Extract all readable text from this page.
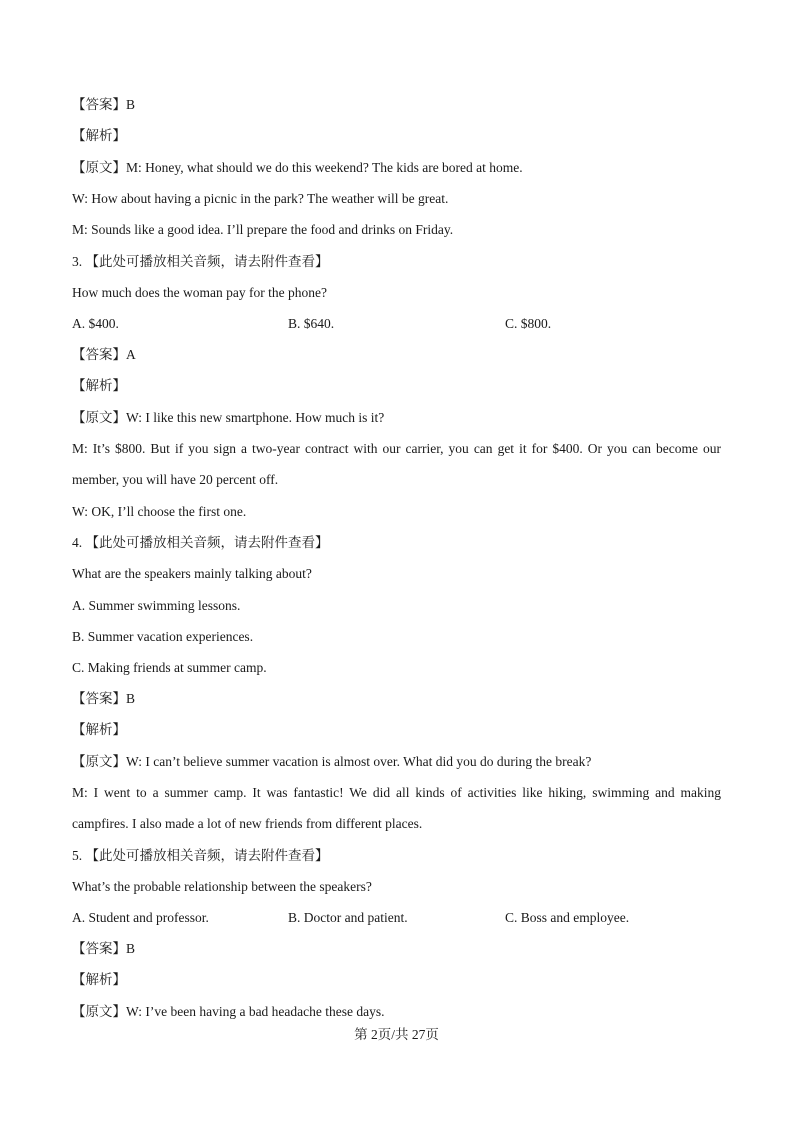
【答案】B
【解析】
【原文】M: Honey, what should we do this weekend? The kids are bored at home.
W: How about having a picnic in the park? The weather will be great.
M: Sounds like a good idea. I’ll prepare the food and drinks on Friday.
3. 【此处可播放相关音频，请去附件查看】
How much does the woman pay for the phone?
A. $400.	B. $640.	C. $800.
【答案】A
【解析】
【原文】W: I like this new smartphone. How much is it?
M: It’s $800. But if you sign a two-year contract with our carrier, you can get it for $400. Or you can become our
member, you will have 20 percent off.
W: OK, I’ll choose the first one.
4. 【此处可播放相关音频，请去附件查看】
What are the speakers mainly talking about?
A. Summer swimming lessons.
B. Summer vacation experiences.
C. Making friends at summer camp.
【答案】B
【解析】
【原文】W: I can’t believe summer vacation is almost over. What did you do during the break?
M: I went to a summer camp. It was fantastic! We did all kinds of activities like hiking, swimming and making
campfires. I also made a lot of new friends from different places.
5. 【此处可播放相关音频，请去附件查看】
What’s the probable relationship between the speakers?
A. Student and professor.	B. Doctor and patient.	C. Boss and employee.
【答案】B
【解析】
【原文】W: I’ve been having a bad headache these days.
第 2页/共 27页
